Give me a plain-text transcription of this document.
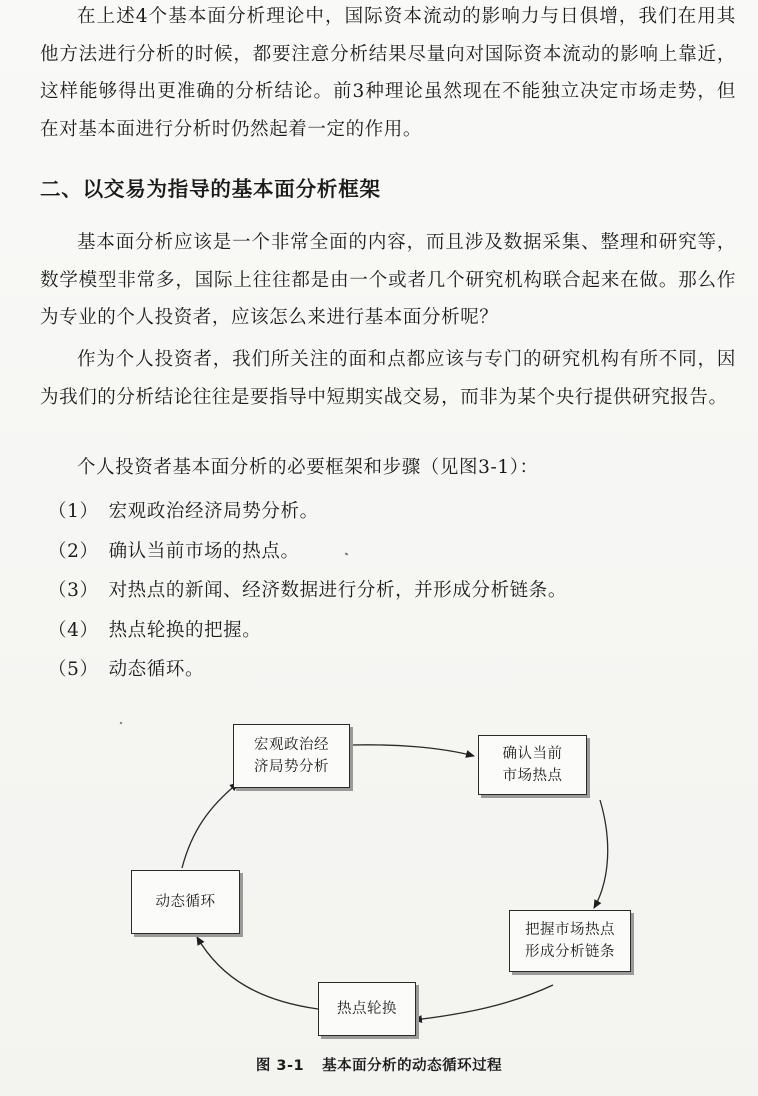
在上述4个基本面分析理论中，国际资本流动的影响力与日俱增，我们在用其他方法进行分析的时候，都要注意分析结果尽量向对国际资本流动的影响上靠近，这样能够得出更准确的分析结论。前3种理论虽然现在不能独立决定市场走势，但在对基本面进行分析时仍然起着一定的作用。

二、以交易为指导的基本面分析框架

基本面分析应该是一个非常全面的内容，而且涉及数据采集、整理和研究等，数学模型非常多，国际上往往都是由一个或者几个研究机构联合起来在做。那么作为专业的个人投资者，应该怎么来进行基本面分析呢？

作为个人投资者，我们所关注的面和点都应该与专门的研究机构有所不同，因为我们的分析结论往往是要指导中短期实战交易，而非为某个央行提供研究报告。

个人投资者基本面分析的必要框架和步骤（见图3-1）：

（1） 宏观政治经济局势分析。
（2） 确认当前市场的热点。
（3） 对热点的新闻、经济数据进行分析，并形成分析链条。
（4） 热点轮换的把握。
（5） 动态循环。
宏观政治经
济局势分析
确认当前
市场热点
把握市场热点
形成分析链条
热点轮换
动态循环
图 3-1 基本面分析的动态循环过程
